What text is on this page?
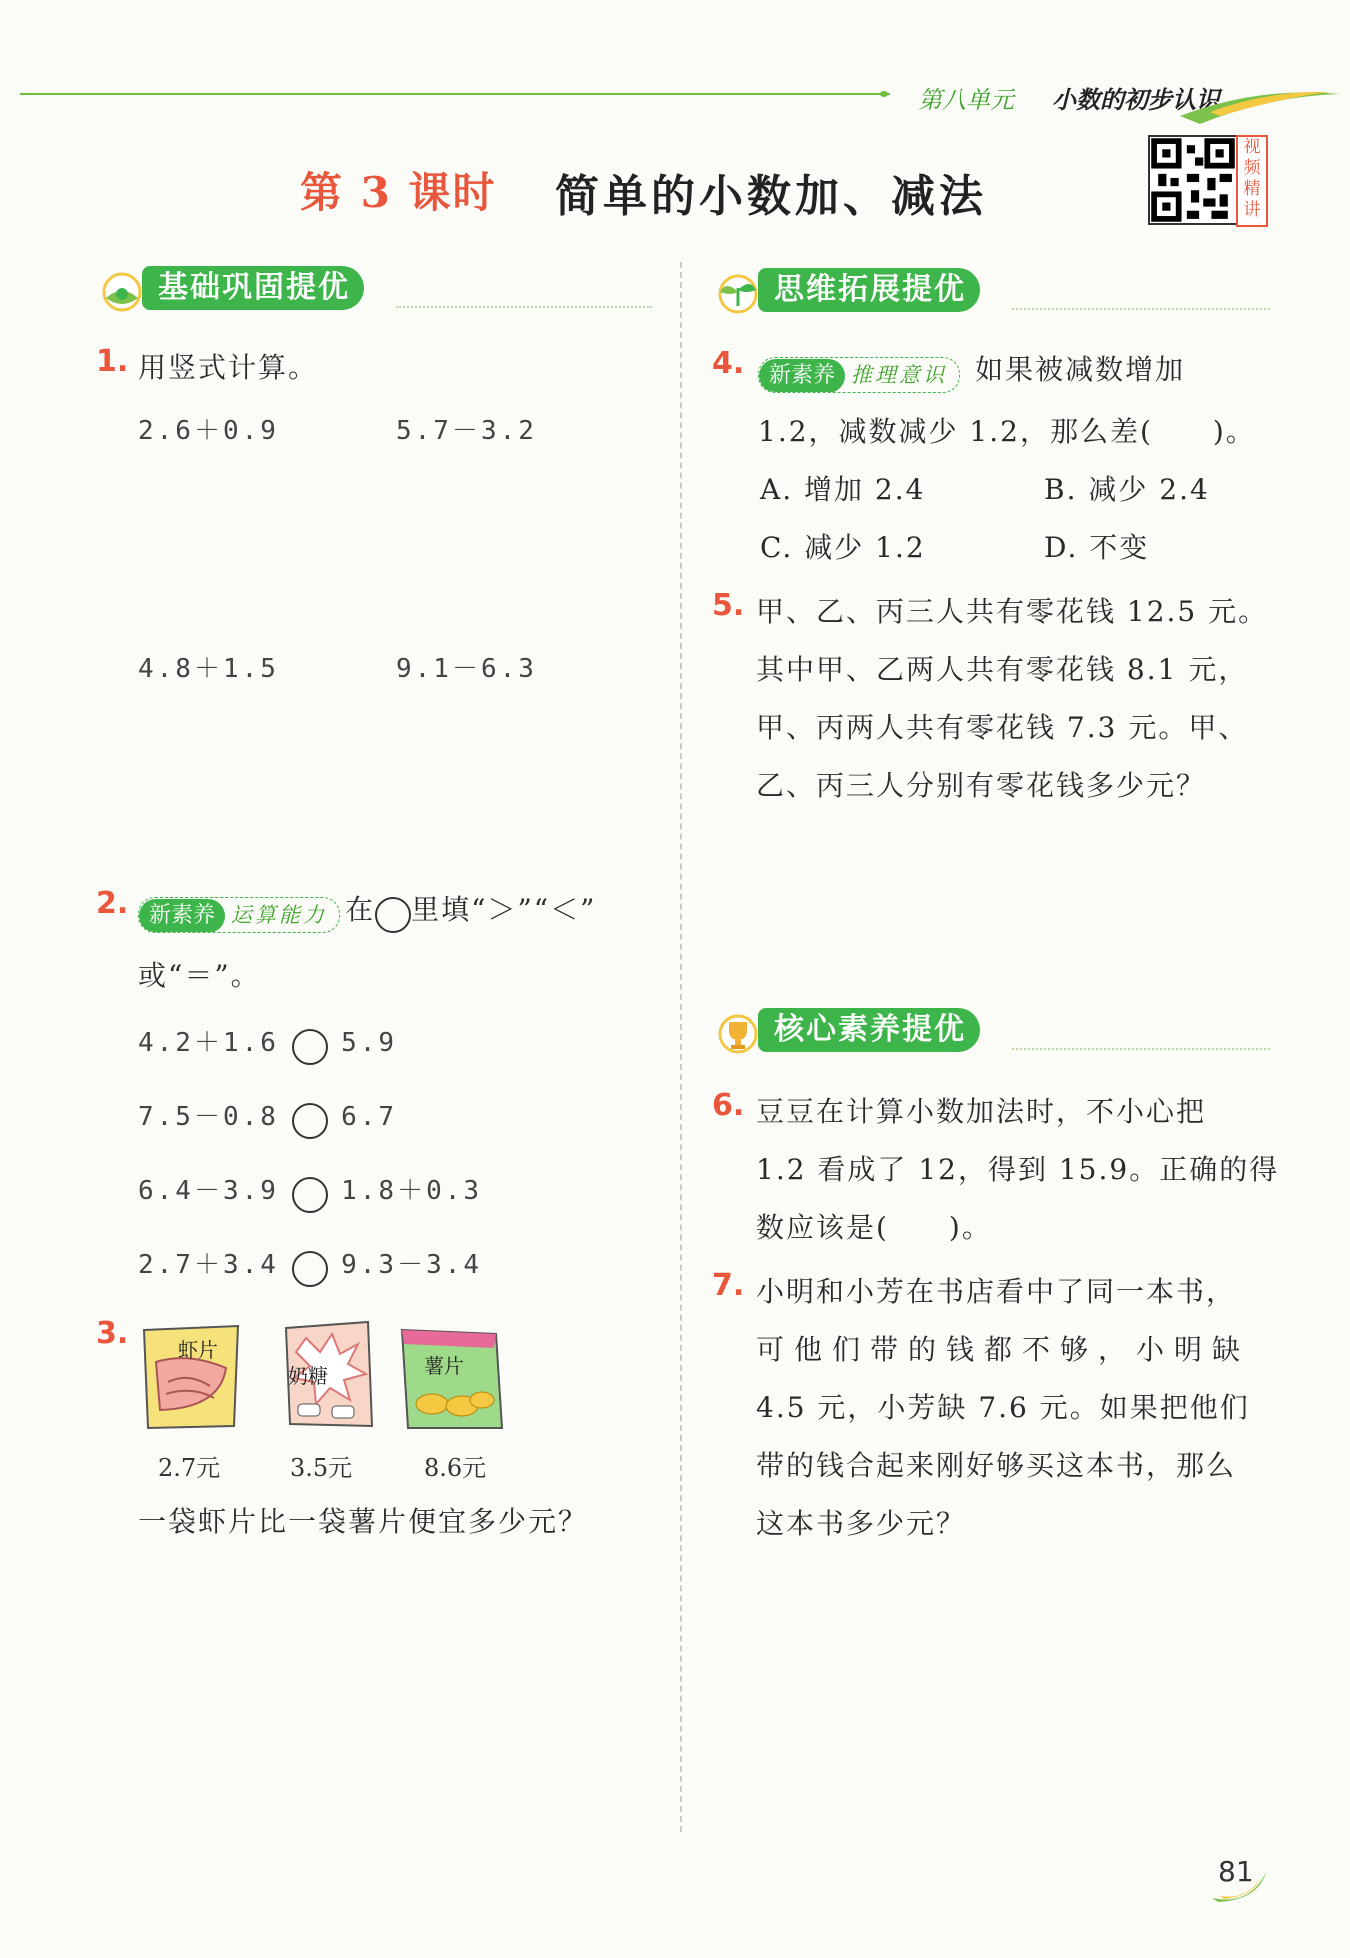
第八单元 小数的初步认识
第 3 课时 简单的小数加、减法
视
频
精
讲
基础巩固提优	思维拓展提优
核心素养提优
1. 用竖式计算。
2.6＋0.9	5.7－3.2
4.8＋1.5	9.1－6.3
2. 新素养 运算能力 在 里填“＞”“＜”
或“＝”。
4.2＋1.6 5.9
7.5－0.8 6.7
6.4－3.9 1.8＋0.3
2.7＋3.4 9.3－3.4
3. 虾片
奶糖	薯片
2.7元	3.5元	8.6元
一袋虾片比一袋薯片便宜多少元？
4.	新素养 推理意识 如果被减数增加
1.2，减数减少 1.2，那么差(　　)。
A. 增加 2.4	B. 减少 2.4
C. 减少 1.2	D. 不变
5. 甲、乙、丙三人共有零花钱 12.5 元。
其中甲、乙两人共有零花钱 8.1 元，
甲、丙两人共有零花钱 7.3 元。甲、
乙、丙三人分别有零花钱多少元？
6. 豆豆在计算小数加法时，不小心把
1.2 看成了 12，得到 15.9。正确的得
数应该是(　　)。
7. 小明和小芳在书店看中了同一本书，
可他们带的钱都不够，小明缺
4.5 元，小芳缺 7.6 元。如果把他们
带的钱合起来刚好够买这本书，那么
这本书多少元？
81
